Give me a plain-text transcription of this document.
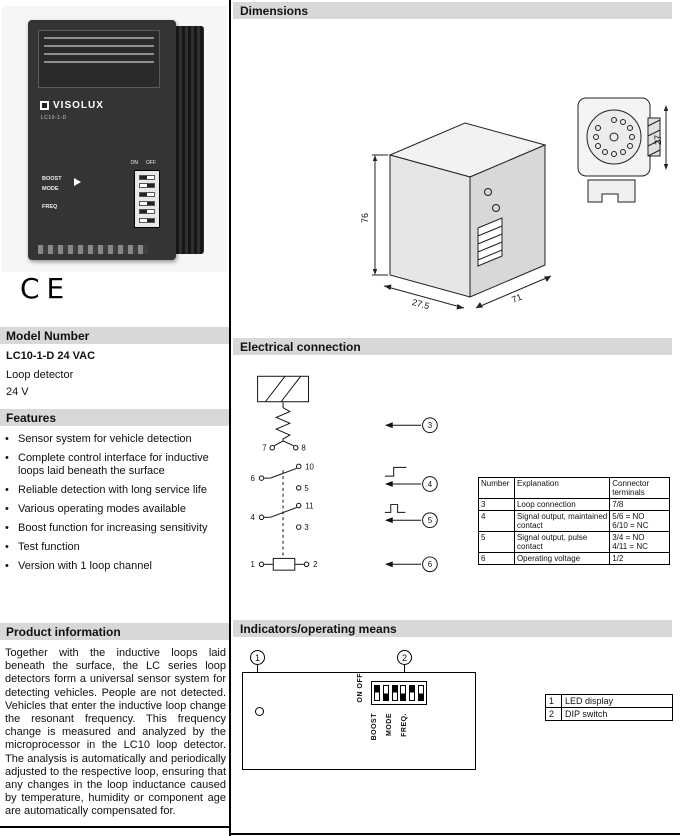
VISOLUX
LC10-1-D
ON OFF
BOOST
MODE
FREQ
CE
Model Number
LC10-1-D 24 VAC
Loop detector
24 V
Features
• Sensor system for vehicle detection
• Complete control interface for inductive loops laid beneath the surface
• Reliable detection with long service life
• Various operating modes available
• Boost function for increasing sensitivity
• Test function
• Version with 1 loop channel
Product information
Together with the inductive loops laid beneath the surface, the LC series loop detectors form a universal sensor system for detecting vehicles. People are not detected. Vehicles that enter the inductive loop change the resonant frequency. This frequency change is measured and analyzed by the microprocessor in the LC10 loop detector. The analysis is automatically and periodically adjusted to the respective loop, ensuring that any changes in the loop inductance caused by temperature, humidity or component age are automatically compensated for.
Dimensions
76
71
27.5
27
Electrical connection
7	8
6
10
5
4
11
3
1	2
3
4
5
6
Number	Explanation	Connector terminals
3	Loop connection	7/8

4	Signal output, maintained contact	5/6 = NO
6/10 = NC

5	Signal output, pulse contact	3/4 = NO
4/11 = NC

6	Operating voltage	1/2
Indicators/operating means
1	2
OFF
ON
BOOST MODE FREQ.
1	LED display
2	DIP switch
